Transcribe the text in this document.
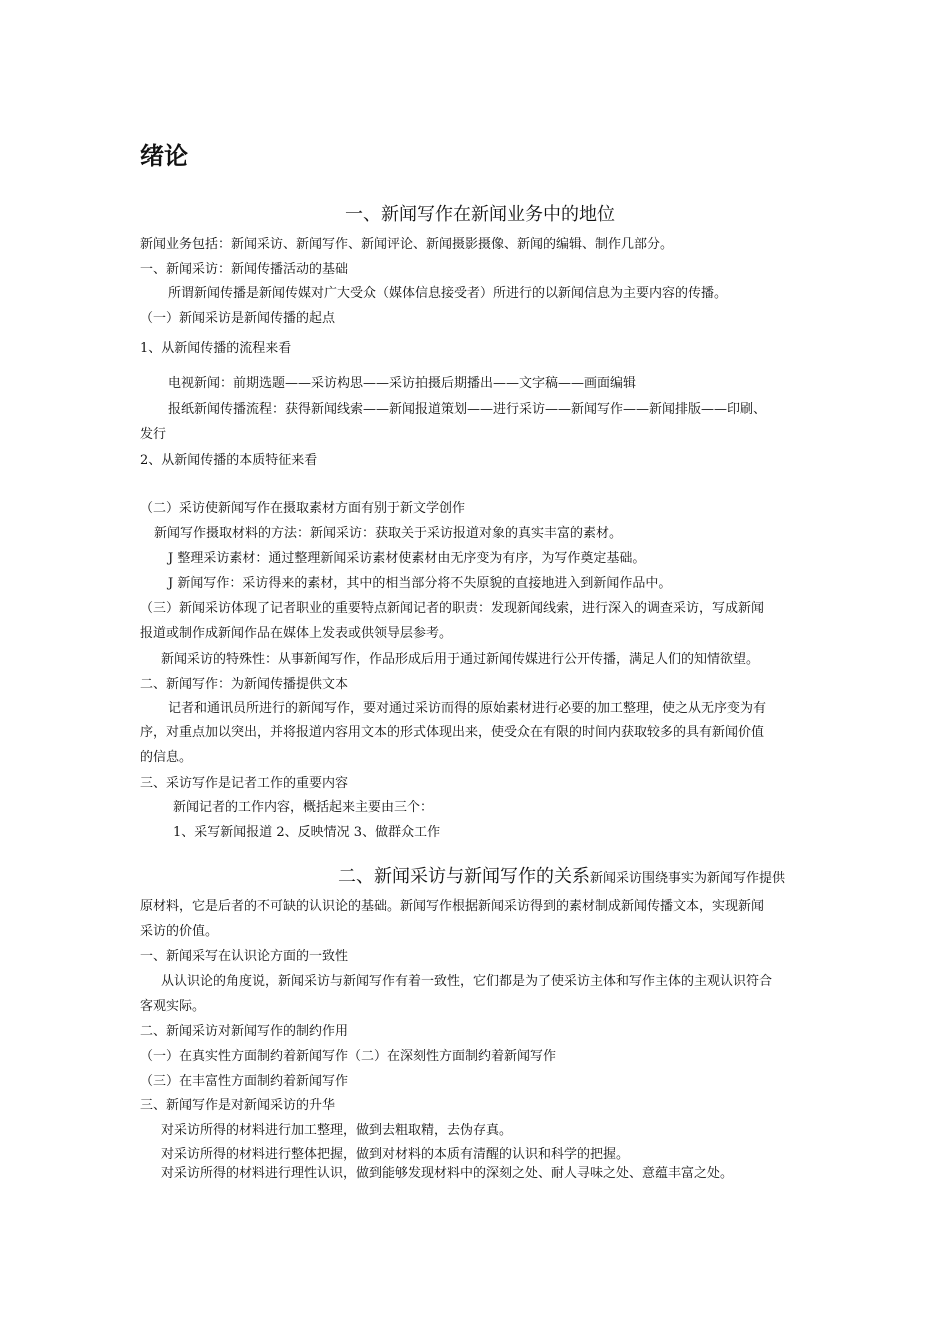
绪论
一、新闻写作在新闻业务中的地位
新闻业务包括：新闻采访、新闻写作、新闻评论、新闻摄影摄像、新闻的编辑、制作几部分。
一、新闻采访：新闻传播活动的基础
所谓新闻传播是新闻传媒对广大受众（媒体信息接受者）所进行的以新闻信息为主要内容的传播。
（一）新闻采访是新闻传播的起点
1、从新闻传播的流程来看
电视新闻：前期选题——采访构思——采访拍摄后期播出——文字稿——画面编辑
报纸新闻传播流程：获得新闻线索——新闻报道策划——进行采访——新闻写作——新闻排版——印刷、
发行
2、从新闻传播的本质特征来看
（二）采访使新闻写作在摄取素材方面有别于新文学创作
新闻写作摄取材料的方法：新闻采访：获取关于采访报道对象的真实丰富的素材。
J 整理采访素材：通过整理新闻采访素材使素材由无序变为有序，为写作奠定基础。
J 新闻写作：采访得来的素材，其中的相当部分将不失原貌的直接地进入到新闻作品中。
（三）新闻采访体现了记者职业的重要特点新闻记者的职责：发现新闻线索，进行深入的调查采访，写成新闻
报道或制作成新闻作品在媒体上发表或供领导层参考。
新闻采访的特殊性：从事新闻写作，作品形成后用于通过新闻传媒进行公开传播，满足人们的知情欲望。
二、新闻写作：为新闻传播提供文本
记者和通讯员所进行的新闻写作，要对通过采访而得的原始素材进行必要的加工整理，使之从无序变为有
序，对重点加以突出，并将报道内容用文本的形式体现出来，使受众在有限的时间内获取较多的具有新闻价值
的信息。
三、采访写作是记者工作的重要内容
新闻记者的工作内容，概括起来主要由三个：
1、采写新闻报道 2、反映情况 3、做群众工作
二、新闻采访与新闻写作的关系新闻采访围绕事实为新闻写作提供
原材料，它是后者的不可缺的认识论的基础。新闻写作根据新闻采访得到的素材制成新闻传播文本，实现新闻
采访的价值。
一、新闻采写在认识论方面的一致性
从认识论的角度说，新闻采访与新闻写作有着一致性，它们都是为了使采访主体和写作主体的主观认识符合
客观实际。
二、新闻采访对新闻写作的制约作用
（一）在真实性方面制约着新闻写作（二）在深刻性方面制约着新闻写作
（三）在丰富性方面制约着新闻写作
三、新闻写作是对新闻采访的升华
对采访所得的材料进行加工整理，做到去粗取精，去伪存真。
对采访所得的材料进行整体把握，做到对材料的本质有清醒的认识和科学的把握。
对采访所得的材料进行理性认识，做到能够发现材料中的深刻之处、耐人寻味之处、意蕴丰富之处。
